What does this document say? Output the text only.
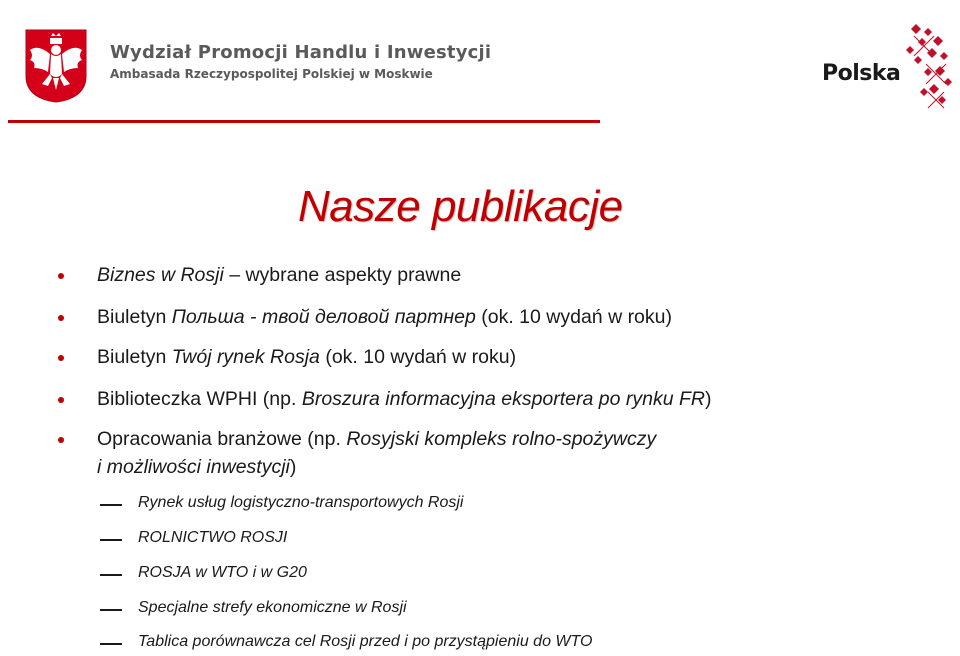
Wydział Promocji Handlu i Inwestycji
Ambasada Rzeczypospolitej Polskiej w Moskwie	Polska
Nasze publikacje
Biznes w Rosji – wybrane aspekty prawne
Biuletyn Польша - твой деловой партнер (ok. 10 wydań w roku)
Biuletyn Twój rynek Rosja (ok. 10 wydań w roku)
Biblioteczka WPHI (np. Broszura informacyjna eksportera po rynku FR)
Opracowania branżowe (np. Rosyjski kompleks rolno-spożywczy
i możliwości inwestycji)
Rynek usług logistyczno-transportowych Rosji
ROLNICTWO ROSJI
ROSJA w WTO i w G20
Specjalne strefy ekonomiczne w Rosji
Tablica porównawcza cel Rosji przed i po przystąpieniu do WTO
